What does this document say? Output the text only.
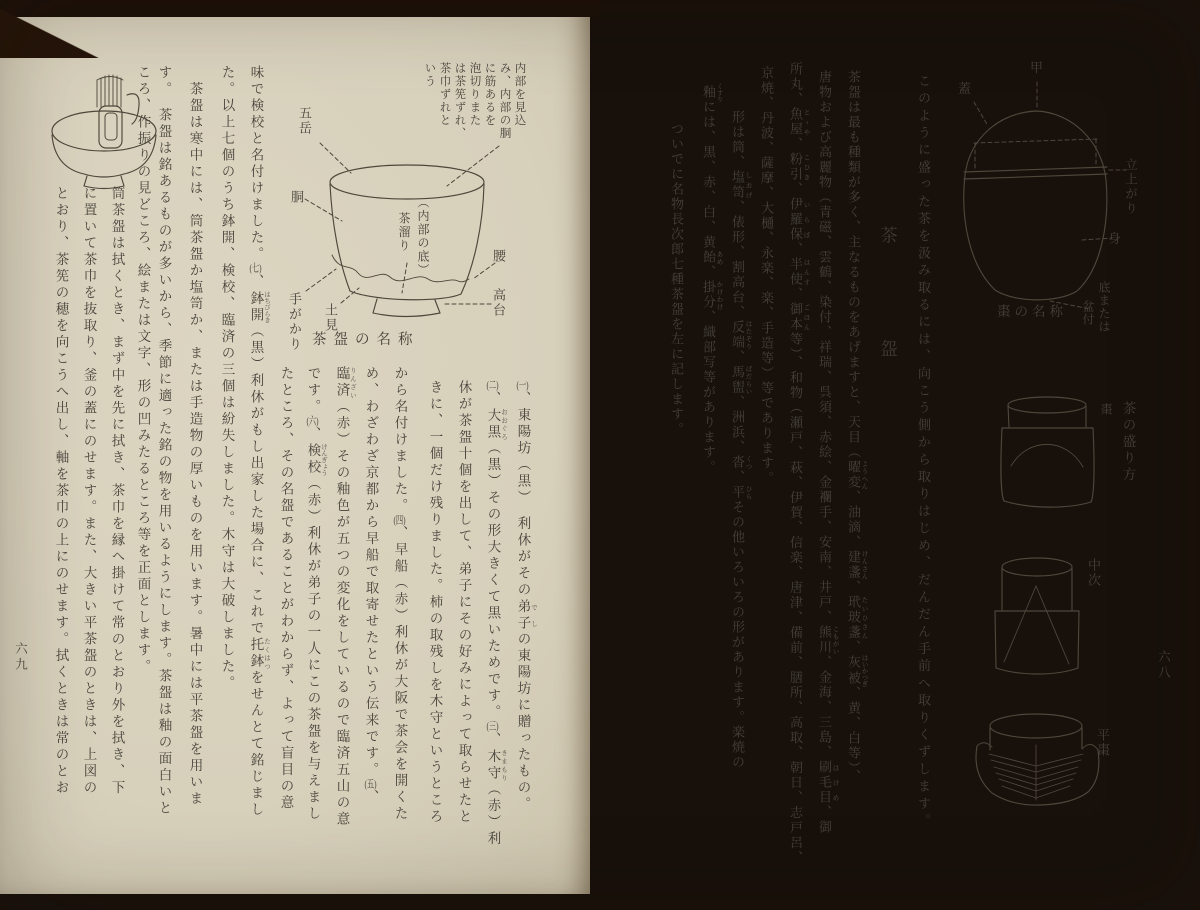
茶盌
五岳
胴
腰
高台
土見
手がかり
（内部の底）
茶溜り
茶盌の名称
甲
蓋
立上がり
身
底または
盆付
棗の名称
茶の盛り方
棗
中次
平棗
六九	六八
このように盛った茶を汲み取るには、向こう側から取りはじめ、だんだん手前へ取りくずします。
茶盌は最も種類が多く、主なるものをあげますと、天目（曜変 ようへん、油滴、建盞 けんさん、玳玻盞 たいひさん、灰被 はいかつぎ、黄、白等）、
唐物および高麗物（青磁、雲鶴、染付、祥瑞、呉須、赤絵、金襴手、安南、井戸、熊川 こもがい、金海、三島、刷毛目 はけめ、御
所丸、魚屋 とゝや、粉引 こひき、伊羅保 いらぼ、半使 はんす、御本 ごほん等）、和物（瀬戸、萩、伊賀、信楽、唐津、備前、膳所、高取、朝日、志戸呂、
京焼、丹波、薩摩、大樋、永楽、楽、手造等）等であります。
形は筒、塩笥 しおげ、俵形、割高台、反端 はたぞり、馬盥 ばだらい、洲浜、沓 くつ、平 ひらその他いろいろの形があります。楽焼の
釉 くすりには、黒、赤、白、黄飴 あめ、掛分 かけわけ、織部写等があります。
ついでに名物長次郎七種茶盌を左に記します。
(一)、東陽坊（黒）　利休がその弟子 でしの東陽坊に贈ったもの。
(二)、大黒 おおぐろ（黒）その形大きくて黒いためです。(三)、木守 きまもり（赤）利
休が茶盌十個を出して、弟子にその好みによって取らせたと
きに、一個だけ残りました。柿の取残しを木守というところ
から名付けました。(四)、早船（赤）利休が大阪で茶会を開くた
め、わざわざ京都から早船で取寄せたという伝来です。(五)、
臨済 りんざい（赤）その釉色が五つの変化をしているので臨済五山の意
です。(六)、検校 けんぎょう（赤）利休が弟子の一人にこの茶盌を与えまし
たところ、その名盌であることがわからず、よって盲目の意
味で検校と名付けました。(七)、鉢開 はちびらき（黒）利休がもし出家した場合に、これで托鉢 たくはつをせんとて銘じまし
た。以上七個のうち鉢開、検校、臨済の三個は紛失しました。木守は大破しました。
　茶盌は寒中には、筒茶盌か塩笥か、または手造物の厚いものを用います。暑中には平茶盌を用いま
す。　茶盌は銘あるものが多いから、季節に適った銘の物を用いるようにします。茶盌は釉の面白いと
ころ、作振りの見どころ、絵または文字、形の凹みたるところ等を正面とします。
筒茶盌は拭くとき、まず中を先に拭き、茶巾を縁へ掛けて常のとおり外を拭き、下
に置いて茶巾を抜取り、釜の蓋にのせます。また、大きい平茶盌のときは、上図の
とおり、茶筅の穂を向こうへ出し、軸を茶巾の上にのせます。拭くときは常のとお
内部を見込
み、内部の胴
に筋あるを
泡切りまた
は茶筅ずれ、
茶巾ずれと
いう
